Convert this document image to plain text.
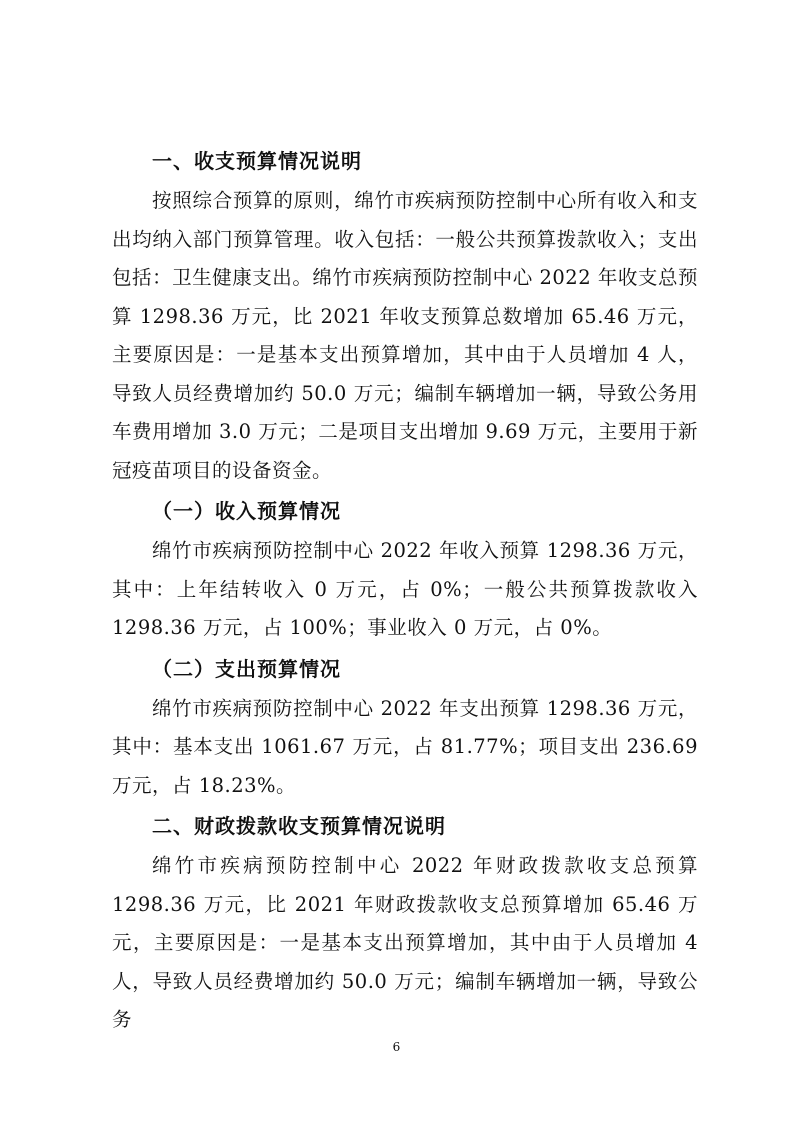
一、收支预算情况说明

按照综合预算的原则，绵竹市疾病预防控制中心所有收入和支出均纳入部门预算管理。收入包括：一般公共预算拨款收入；支出包括：卫生健康支出。绵竹市疾病预防控制中心 2022 年收支总预算 1298.36 万元，比 2021 年收支预算总数增加 65.46 万元，主要原因是：一是基本支出预算增加，其中由于人员增加 4 人，导致人员经费增加约 50.0 万元；编制车辆增加一辆，导致公务用车费用增加 3.0 万元；二是项目支出增加 9.69 万元，主要用于新冠疫苗项目的设备资金。

（一）收入预算情况

绵竹市疾病预防控制中心 2022 年收入预算 1298.36 万元，其中：上年结转收入 0 万元，占 0%；一般公共预算拨款收入 1298.36 万元，占 100%；事业收入 0 万元，占 0%。

（二）支出预算情况

绵竹市疾病预防控制中心 2022 年支出预算 1298.36 万元，其中：基本支出 1061.67 万元，占 81.77%；项目支出 236.69 万元，占 18.23%。

二、财政拨款收支预算情况说明

绵竹市疾病预防控制中心 2022 年财政拨款收支总预算 1298.36 万元，比 2021 年财政拨款收支总预算增加 65.46 万元，主要原因是：一是基本支出预算增加，其中由于人员增加 4 人，导致人员经费增加约 50.0 万元；编制车辆增加一辆，导致公务

6
